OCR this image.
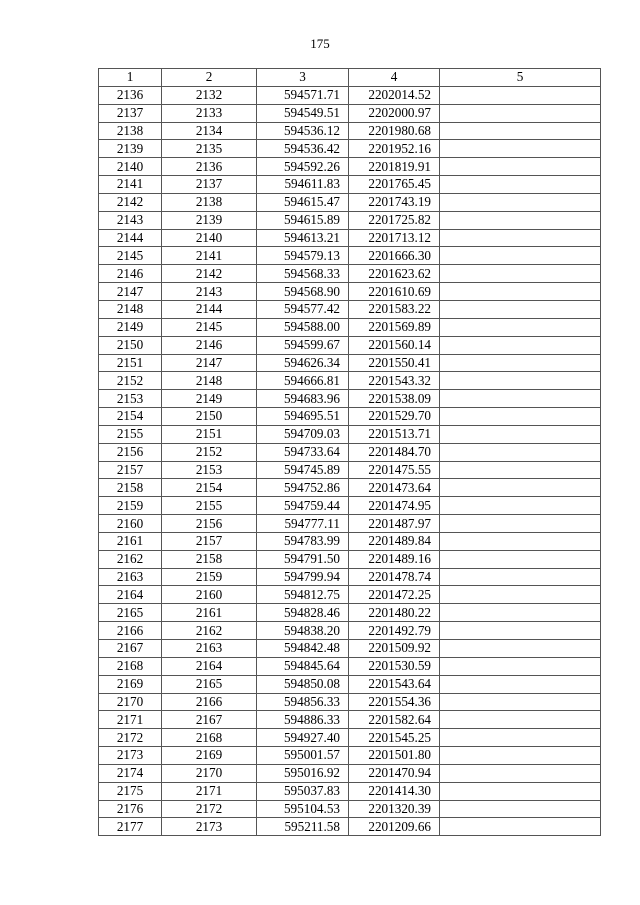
175
1	2	3	4	5
2136	2132	594571.71	2202014.52	
2137	2133	594549.51	2202000.97	
2138	2134	594536.12	2201980.68	
2139	2135	594536.42	2201952.16	
2140	2136	594592.26	2201819.91	
2141	2137	594611.83	2201765.45	
2142	2138	594615.47	2201743.19	
2143	2139	594615.89	2201725.82	
2144	2140	594613.21	2201713.12	
2145	2141	594579.13	2201666.30	
2146	2142	594568.33	2201623.62	
2147	2143	594568.90	2201610.69	
2148	2144	594577.42	2201583.22	
2149	2145	594588.00	2201569.89	
2150	2146	594599.67	2201560.14	
2151	2147	594626.34	2201550.41	
2152	2148	594666.81	2201543.32	
2153	2149	594683.96	2201538.09	
2154	2150	594695.51	2201529.70	
2155	2151	594709.03	2201513.71	
2156	2152	594733.64	2201484.70	
2157	2153	594745.89	2201475.55	
2158	2154	594752.86	2201473.64	
2159	2155	594759.44	2201474.95	
2160	2156	594777.11	2201487.97	
2161	2157	594783.99	2201489.84	
2162	2158	594791.50	2201489.16	
2163	2159	594799.94	2201478.74	
2164	2160	594812.75	2201472.25	
2165	2161	594828.46	2201480.22	
2166	2162	594838.20	2201492.79	
2167	2163	594842.48	2201509.92	
2168	2164	594845.64	2201530.59	
2169	2165	594850.08	2201543.64	
2170	2166	594856.33	2201554.36	
2171	2167	594886.33	2201582.64	
2172	2168	594927.40	2201545.25	
2173	2169	595001.57	2201501.80	
2174	2170	595016.92	2201470.94	
2175	2171	595037.83	2201414.30	
2176	2172	595104.53	2201320.39	
2177	2173	595211.58	2201209.66	
